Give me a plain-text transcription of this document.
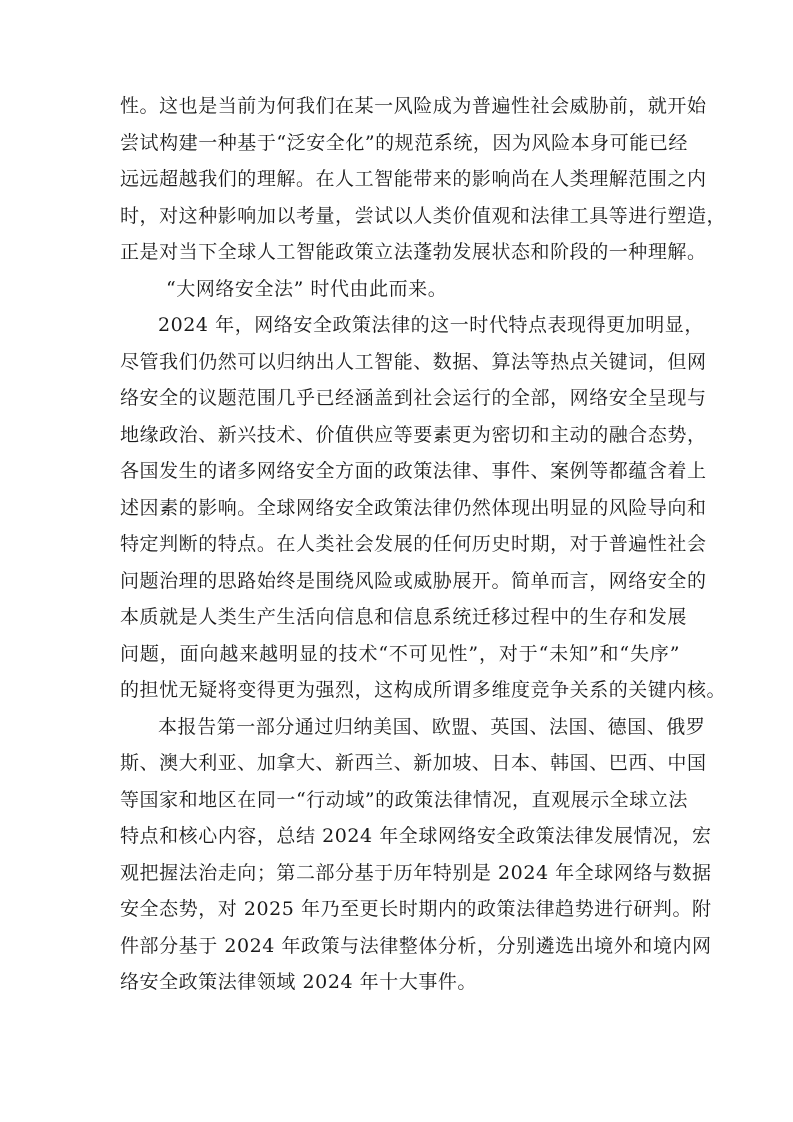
性。这也是当前为何我们在某一风险成为普遍性社会威胁前，就开始
尝试构建一种基于“泛安全化”的规范系统，因为风险本身可能已经
远远超越我们的理解。在人工智能带来的影响尚在人类理解范围之内
时，对这种影响加以考量，尝试以人类价值观和法律工具等进行塑造，
正是对当下全球人工智能政策立法蓬勃发展状态和阶段的一种理解。

“大网络安全法” 时代由此而来。

2024 年，网络安全政策法律的这一时代特点表现得更加明显，
尽管我们仍然可以归纳出人工智能、数据、算法等热点关键词，但网
络安全的议题范围几乎已经涵盖到社会运行的全部，网络安全呈现与
地缘政治、新兴技术、价值供应等要素更为密切和主动的融合态势，
各国发生的诸多网络安全方面的政策法律、事件、案例等都蕴含着上
述因素的影响。全球网络安全政策法律仍然体现出明显的风险导向和
特定判断的特点。在人类社会发展的任何历史时期，对于普遍性社会
问题治理的思路始终是围绕风险或威胁展开。简单而言，网络安全的
本质就是人类生产生活向信息和信息系统迁移过程中的生存和发展
问题，面向越来越明显的技术“不可见性”，对于“未知”和“失序”
的担忧无疑将变得更为强烈，这构成所谓多维度竞争关系的关键内核。

本报告第一部分通过归纳美国、欧盟、英国、法国、德国、俄罗
斯、澳大利亚、加拿大、新西兰、新加坡、日本、韩国、巴西、中国
等国家和地区在同一“行动域”的政策法律情况，直观展示全球立法
特点和核心内容，总结 2024 年全球网络安全政策法律发展情况，宏
观把握法治走向；第二部分基于历年特别是 2024 年全球网络与数据
安全态势，对 2025 年乃至更长时期内的政策法律趋势进行研判。附
件部分基于 2024 年政策与法律整体分析，分别遴选出境外和境内网
络安全政策法律领域 2024 年十大事件。
